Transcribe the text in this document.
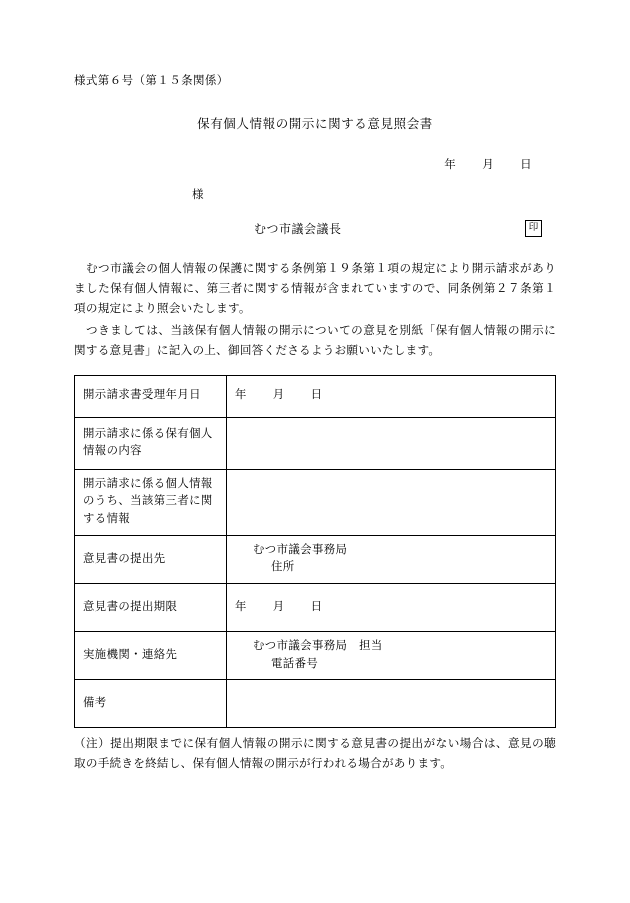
様式第６号（第１５条関係）
保有個人情報の開示に関する意見照会書
年 月 日
様
むつ市議会議長	印
むつ市議会の個人情報の保護に関する条例第１９条第１項の規定により開示請求がありました保有個人情報に、第三者に関する情報が含まれていますので、同条例第２７条第１項の規定により照会いたします。
つきましては、当該保有個人情報の開示についての意見を別紙「保有個人情報の開示に関する意見書」に記入の上、御回答くださるようお願いいたします。
開示請求書受理年月日	年 月 日
開示請求に係る保有個人情報の内容	
開示請求に係る個人情報のうち、当該第三者に関する情報	
意見書の提出先	むつ市議会事務局
住所

意見書の提出期限	年 月 日
実施機関・連絡先	むつ市議会事務局　担当
電話番号

備考	
（注）提出期限までに保有個人情報の開示に関する意見書の提出がない場合は、意見の聴取の手続きを終結し、保有個人情報の開示が行われる場合があります。
